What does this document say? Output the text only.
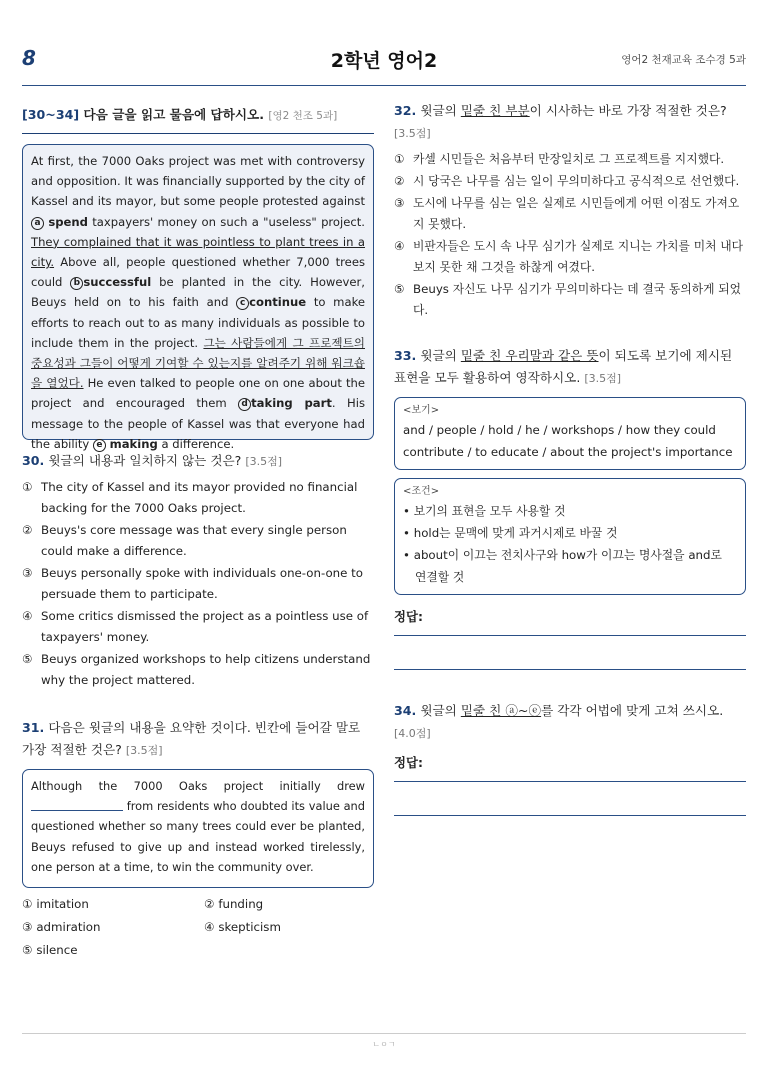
8	2학년 영어2	영어2 천재교육 조수경 5과
[30~34] 다음 글을 읽고 물음에 답하시오. [영2 천조 5과]
At first, the 7000 Oaks project was met with controversy and opposition. It was financially supported by the city of Kassel and its mayor, but some people protested against a spend taxpayers' money on such a "useless" project. They complained that it was pointless to plant trees in a city. Above all, people questioned whether 7,000 trees could b successful be planted in the city. However, Beuys held on to his faith and c continue to make efforts to reach out to as many individuals as possible to include them in the project. 그는 사람들에게 그 프로젝트의 중요성과 그들이 어떻게 기여할 수 있는지를 알려주기 위해 워크숍을 열었다. He even talked to people one on one about the project and encouraged them d taking part. His message to the people of Kassel was that everyone had the ability e making a difference.
30. 윗글의 내용과 일치하지 않는 것은? [3.5점]
① The city of Kassel and its mayor provided no financial backing for the 7000 Oaks project.
② Beuys's core message was that every single person could make a difference.
③ Beuys personally spoke with individuals one-on-one to persuade them to participate.
④ Some critics dismissed the project as a pointless use of taxpayers' money.
⑤ Beuys organized workshops to help citizens understand why the project mattered.
31. 다음은 윗글의 내용을 요약한 것이다. 빈칸에 들어갈 말로 가장 적절한 것은? [3.5점]
Although the 7000 Oaks project initially drew  from residents who doubted its value and questioned whether so many trees could ever be planted, Beuys refused to give up and instead worked tirelessly, one person at a time, to win the community over.
① imitation	② funding
③ admiration	④ skepticism
⑤ silence
32. 윗글의 밑줄 친 부분이 시사하는 바로 가장 적절한 것은? [3.5점]
① 카셀 시민들은 처음부터 만장일치로 그 프로젝트를 지지했다.
② 시 당국은 나무를 심는 일이 무의미하다고 공식적으로 선언했다.
③ 도시에 나무를 심는 일은 실제로 시민들에게 어떤 이점도 가져오지 못했다.
④ 비판자들은 도시 속 나무 심기가 실제로 지니는 가치를 미처 내다보지 못한 채 그것을 하찮게 여겼다.
⑤ Beuys 자신도 나무 심기가 무의미하다는 데 결국 동의하게 되었다.
33. 윗글의 밑줄 친 우리말과 같은 뜻이 되도록 보기에 제시된 표현을 모두 활용하여 영작하시오. [3.5점]
<보기>
and / people / hold / he / workshops / how they could contribute / to educate / about the project's importance
<조건>
• 보기의 표현을 모두 사용할 것
• hold는 문맥에 맞게 과거시제로 바꿀 것
• about이 이끄는 전치사구와 how가 이끄는 명사절을 and로 연결할 것
정답:
34. 윗글의 밑줄 친 ⓐ~ⓔ를 각각 어법에 맞게 고쳐 쓰시오. [4.0점]
정답:
ㄴㅇㄱ
